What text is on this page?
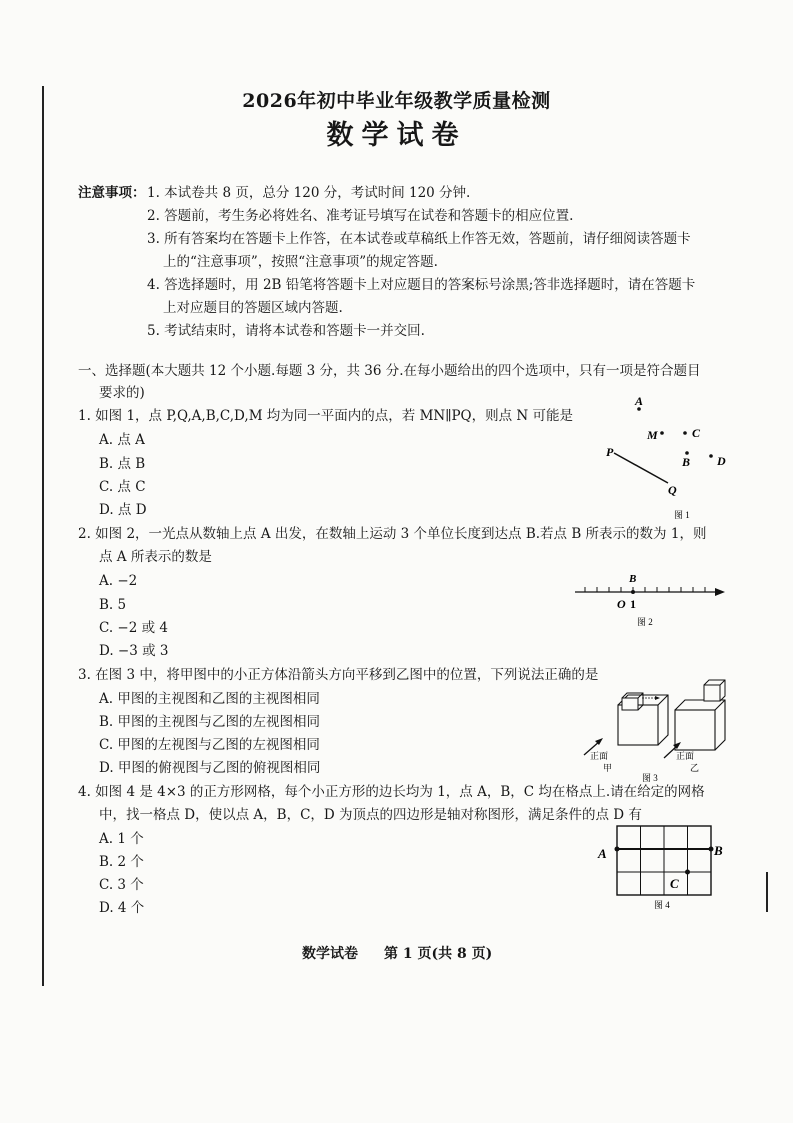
2026年初中毕业年级教学质量检测
数学试卷
注意事项： 1. 本试卷共 8 页，总分 120 分，考试时间 120 分钟.
2. 答题前，考生务必将姓名、准考证号填写在试卷和答题卡的相应位置.
3. 所有答案均在答题卡上作答，在本试卷或草稿纸上作答无效，答题前，请仔细阅读答题卡
上的“注意事项”，按照“注意事项”的规定答题.
4. 答选择题时，用 2B 铅笔将答题卡上对应题目的答案标号涂黑;答非选择题时，请在答题卡
上对应题目的答题区域内答题.
5. 考试结束时，请将本试卷和答题卡一并交回.
一、选择题(本大题共 12 个小题.每题 3 分，共 36 分.在每小题给出的四个选项中，只有一项是符合题目
要求的)
1. 如图 1，点 P,Q,A,B,C,D,M 均为同一平面内的点，若 MN∥PQ，则点 N 可能是
A. 点 A
B. 点 B
C. 点 C
D. 点 D
A
M	C
B D
P
Q
图 1
2. 如图 2，一光点从数轴上点 A 出发，在数轴上运动 3 个单位长度到达点 B.若点 B 所表示的数为 1，则
点 A 所表示的数是
A. −2
B. 5
C. −2 或 4
D. −3 或 3
B
O 1
图 2
3. 在图 3 中，将甲图中的小正方体沿箭头方向平移到乙图中的位置，下列说法正确的是
A. 甲图的主视图和乙图的主视图相同
B. 甲图的主视图与乙图的左视图相同
C. 甲图的左视图与乙图的左视图相同
D. 甲图的俯视图与乙图的俯视图相同
正面
甲
正面
乙
图 3
4. 如图 4 是 4×3 的正方形网格，每个小正方形的边长均为 1，点 A，B，C 均在格点上.请在给定的网格
中，找一格点 D，使以点 A，B，C，D 为顶点的四边形是轴对称图形，满足条件的点 D 有
A. 1 个
B. 2 个
C. 3 个
D. 4 个
A	B
C
图 4
数学试卷 第 1 页(共 8 页)
